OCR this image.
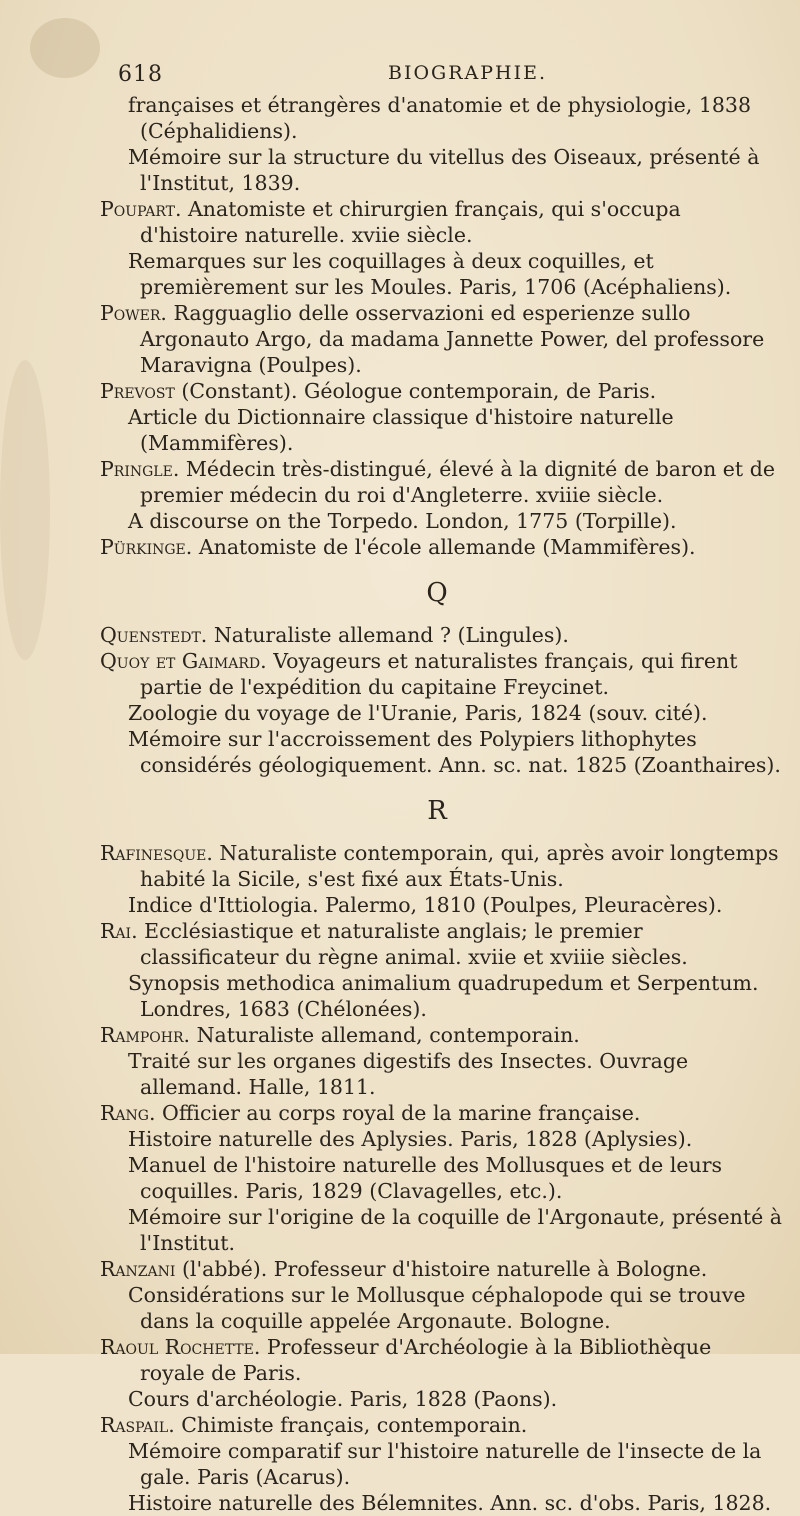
618	BIOGRAPHIE.

françaises et étrangères d'anatomie et de physiologie, 1838 (Céphalidiens).

Mémoire sur la structure du vitellus des Oiseaux, présenté à l'Institut, 1839.

Poupart. Anatomiste et chirurgien français, qui s'occupa d'histoire naturelle. xviie siècle.

Remarques sur les coquillages à deux coquilles, et premièrement sur les Moules. Paris, 1706 (Acéphaliens).

Power. Ragguaglio delle osservazioni ed esperienze sullo Argonauto Argo, da madama Jannette Power, del professore Maravigna (Poulpes).

Prevost (Constant). Géologue contemporain, de Paris.

Article du Dictionnaire classique d'histoire naturelle (Mammifères).

Pringle. Médecin très-distingué, élevé à la dignité de baron et de premier médecin du roi d'Angleterre. xviiie siècle.

A discourse on the Torpedo. London, 1775 (Torpille).

Pürkinge. Anatomiste de l'école allemande (Mammifères).

Q

Quenstedt. Naturaliste allemand ? (Lingules).

Quoy et Gaimard. Voyageurs et naturalistes français, qui firent partie de l'expédition du capitaine Freycinet.

Zoologie du voyage de l'Uranie, Paris, 1824 (souv. cité).

Mémoire sur l'accroissement des Polypiers lithophytes considérés géologiquement. Ann. sc. nat. 1825 (Zoanthaires).

R

Rafinesque. Naturaliste contemporain, qui, après avoir longtemps habité la Sicile, s'est fixé aux États-Unis.

Indice d'Ittiologia. Palermo, 1810 (Poulpes, Pleuracères).

Rai. Ecclésiastique et naturaliste anglais; le premier classificateur du règne animal. xviie et xviiie siècles.

Synopsis methodica animalium quadrupedum et Serpentum. Londres, 1683 (Chélonées).

Rampohr. Naturaliste allemand, contemporain.

Traité sur les organes digestifs des Insectes. Ouvrage allemand. Halle, 1811.

Rang. Officier au corps royal de la marine française.

Histoire naturelle des Aplysies. Paris, 1828 (Aplysies).

Manuel de l'histoire naturelle des Mollusques et de leurs coquilles. Paris, 1829 (Clavagelles, etc.).

Mémoire sur l'origine de la coquille de l'Argonaute, présenté à l'Institut.

Ranzani (l'abbé). Professeur d'histoire naturelle à Bologne.

Considérations sur le Mollusque céphalopode qui se trouve dans la coquille appelée Argonaute. Bologne.

Raoul Rochette. Professeur d'Archéologie à la Bibliothèque royale de Paris.

Cours d'archéologie. Paris, 1828 (Paons).

Raspail. Chimiste français, contemporain.

Mémoire comparatif sur l'histoire naturelle de l'insecte de la gale. Paris (Acarus).

Histoire naturelle des Bélemnites. Ann. sc. d'obs. Paris, 1828.
